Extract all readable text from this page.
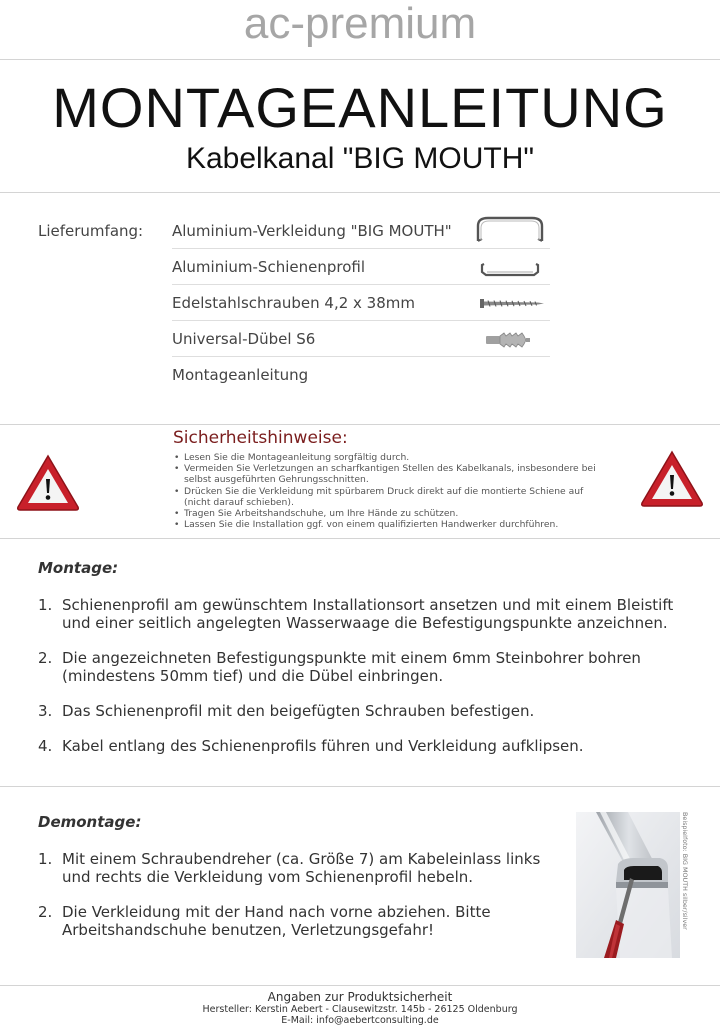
ac-premium
MONTAGEANLEITUNG
Kabelkanal "BIG MOUTH"
Lieferumfang: Aluminium-Verkleidung "BIG MOUTH"
Aluminium-Schienenprofil
Edelstahlschrauben 4,2 x 38mm
Universal-Dübel S6
Montageanleitung
Sicherheitshinweise:
• Lesen Sie die Montageanleitung sorgfältig durch.
• Vermeiden Sie Verletzungen an scharfkantigen Stellen des Kabelkanals, insbesondere bei selbst ausgeführten Gehrungsschnitten.
• Drücken Sie die Verkleidung mit spürbarem Druck direkt auf die montierte Schiene auf (nicht darauf schieben).
• Tragen Sie Arbeitshandschuhe, um Ihre Hände zu schützen.
• Lassen Sie die Installation ggf. von einem qualifizierten Handwerker durchführen.
Montage:
1. Schienenprofil am gewünschtem Installationsort ansetzen und mit einem Bleistift und einer seitlich angelegten Wasserwaage die Befestigungspunkte anzeichnen.
2. Die angezeichneten Befestigungspunkte mit einem 6mm Steinbohrer bohren (mindestens 50mm tief) und die Dübel einbringen.
3. Das Schienenprofil mit den beigefügten Schrauben befestigen.
4. Kabel entlang des Schienenprofils führen und Verkleidung aufklipsen.
Demontage:
1. Mit einem Schraubendreher (ca. Größe 7) am Kabeleinlass links und rechts die Verkleidung vom Schienenprofil hebeln.
2. Die Verkleidung mit der Hand nach vorne abziehen. Bitte Arbeitshandschuhe benutzen, Verletzungsgefahr!
Beispielfoto: BIG MOUTH silber/silver
Angaben zur Produktsicherheit
Hersteller: Kerstin Aebert - Clausewitzstr. 145b - 26125 Oldenburg
E-Mail: info@aebertconsulting.de
